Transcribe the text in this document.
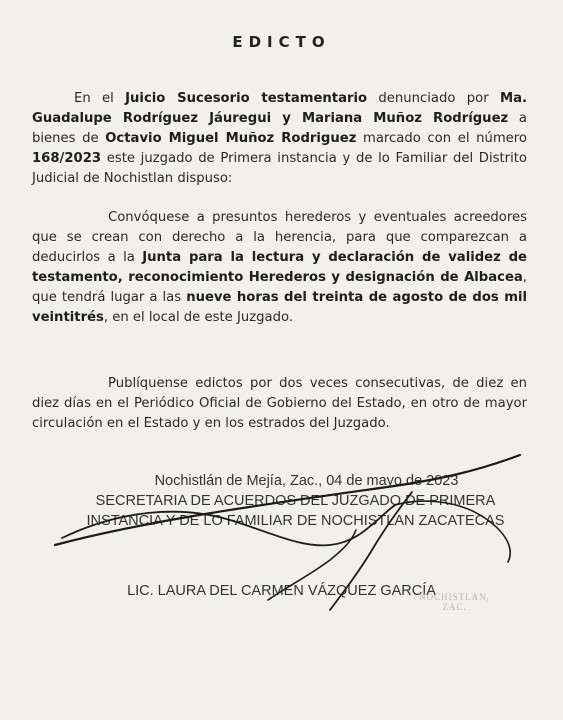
EDICTO
En el Juicio Sucesorio testamentario denunciado por Ma. Guadalupe Rodríguez Jáuregui y Mariana Muñoz Rodríguez a bienes de Octavio Miguel Muñoz Rodriguez marcado con el número 168/2023 este juzgado de Primera instancia y de lo Familiar del Distrito Judicial de Nochistlan dispuso:
Convóquese a presuntos herederos y eventuales acreedores que se crean con derecho a la herencia, para que comparezcan a deducirlos a la Junta para la lectura y declaración de validez de testamento, reconocimiento Herederos y designación de Albacea, que tendrá lugar a las nueve horas del treinta de agosto de dos mil veintitrés, en el local de este Juzgado.
Publíquense edictos por dos veces consecutivas, de diez en diez días en el Periódico Oficial de Gobierno del Estado, en otro de mayor circulación en el Estado y en los estrados del Juzgado.
Nochistlán de Mejía, Zac., 04 de mayo de 2023
SECRETARIA DE ACUERDOS DEL JUZGADO DE PRIMERA
INSTANCIA Y DE LO FAMILIAR DE NOCHISTLAN ZACATECAS
LIC. LAURA DEL CARMEN VÁZQUEZ GARCÍA
NOCHISTLAN, ZAC.
